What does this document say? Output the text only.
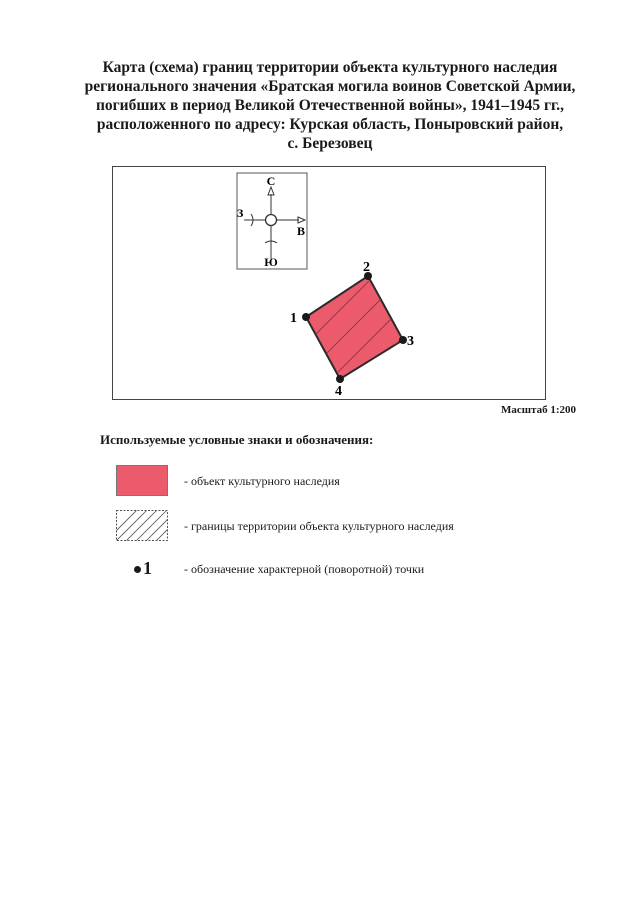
Карта (схема) границ территории объекта культурного наследия
регионального значения «Братская могила воинов Советской Армии,
погибших в период Великой Отечественной войны», 1941–1945 гг.,
расположенного по адресу: Курская область, Поныровский район,
с. Березовец
С
Ю
З
В
1
2
3
4
Масштаб 1:200
Используемые условные знаки и обозначения:
- объект культурного наследия
- границы территории объекта культурного наследия
1	- обозначение характерной (поворотной) точки
